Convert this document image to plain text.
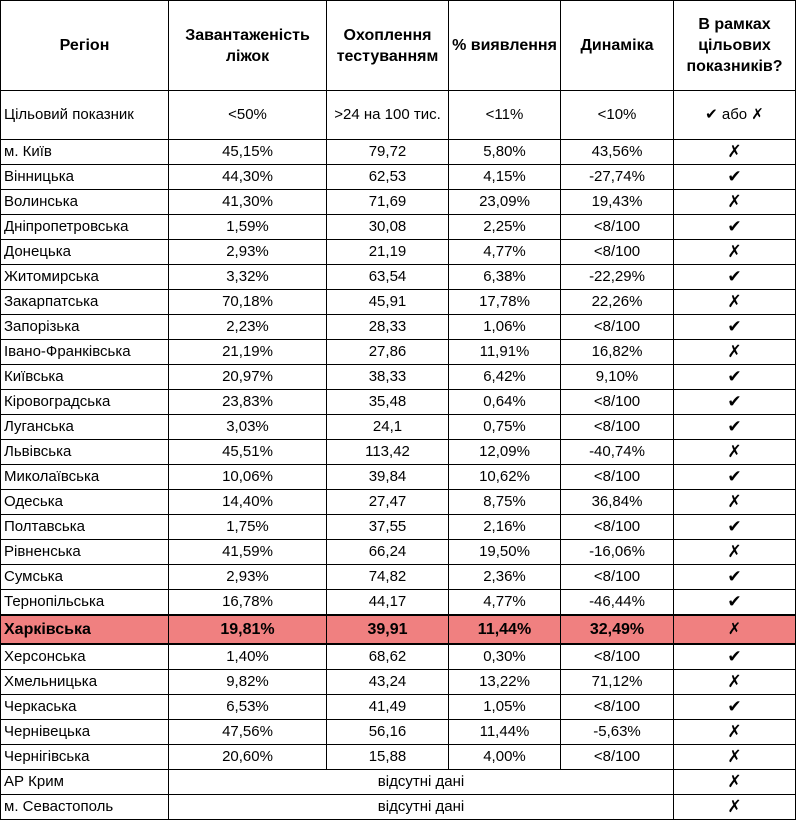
Регіон	Завантаженість ліжок	Охоплення тестуванням	% виявлення	Динаміка	В рамках цільових показників?
Цільовий показник	<50%	>24 на 100 тис.	<11%	<10%	✔ або ✗
м. Київ	45,15%	79,72	5,80%	43,56%	✗
Вінницька	44,30%	62,53	4,15%	-27,74%	✔
Волинська	41,30%	71,69	23,09%	19,43%	✗
Дніпропетровська	1,59%	30,08	2,25%	<8/100	✔
Донецька	2,93%	21,19	4,77%	<8/100	✗
Житомирська	3,32%	63,54	6,38%	-22,29%	✔
Закарпатська	70,18%	45,91	17,78%	22,26%	✗
Запорізька	2,23%	28,33	1,06%	<8/100	✔
Івано-Франківська	21,19%	27,86	11,91%	16,82%	✗
Київська	20,97%	38,33	6,42%	9,10%	✔
Кіровоградська	23,83%	35,48	0,64%	<8/100	✔
Луганська	3,03%	24,1	0,75%	<8/100	✔
Львівська	45,51%	113,42	12,09%	-40,74%	✗
Миколаївська	10,06%	39,84	10,62%	<8/100	✔
Одеська	14,40%	27,47	8,75%	36,84%	✗
Полтавська	1,75%	37,55	2,16%	<8/100	✔
Рівненська	41,59%	66,24	19,50%	-16,06%	✗
Сумська	2,93%	74,82	2,36%	<8/100	✔
Тернопільська	16,78%	44,17	4,77%	-46,44%	✔
Харківська	19,81%	39,91	11,44%	32,49%	✗
Херсонська	1,40%	68,62	0,30%	<8/100	✔
Хмельницька	9,82%	43,24	13,22%	71,12%	✗
Черкаська	6,53%	41,49	1,05%	<8/100	✔
Чернівецька	47,56%	56,16	11,44%	-5,63%	✗
Чернігівська	20,60%	15,88	4,00%	<8/100	✗
АР Крим	відсутні дані				✗
м. Севастополь	відсутні дані				✗
